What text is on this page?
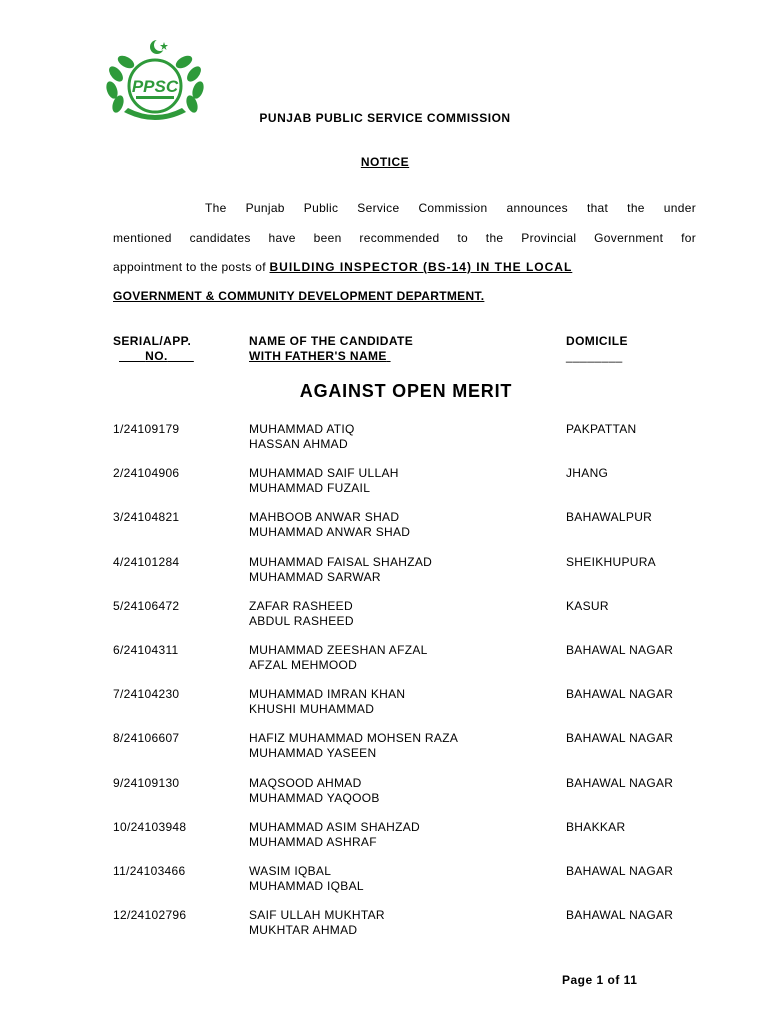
PPSC
PUNJAB PUBLIC SERVICE COMMISSION
NOTICE
The Punjab Public Service Commission announces that the under
mentioned candidates have been recommended to the Provincial Government for
appointment to the posts of BUILDING INSPECTOR (BS-14) IN THE LOCAL
GOVERNMENT & COMMUNITY DEVELOPMENT DEPARTMENT.
SERIAL/APP.
NO.
NAME OF THE CANDIDATE
WITH FATHER'S NAME
DOMICILE
________
AGAINST OPEN MERIT
1/24109179	MUHAMMAD ATIQ
HASSAN AHMAD
PAKPATTAN
2/24104906	MUHAMMAD SAIF ULLAH
MUHAMMAD FUZAIL
JHANG
3/24104821	MAHBOOB ANWAR SHAD
MUHAMMAD ANWAR SHAD
BAHAWALPUR
4/24101284	MUHAMMAD FAISAL SHAHZAD
MUHAMMAD SARWAR
SHEIKHUPURA
5/24106472	ZAFAR RASHEED
ABDUL RASHEED
KASUR
6/24104311	MUHAMMAD ZEESHAN AFZAL
AFZAL MEHMOOD
BAHAWAL NAGAR
7/24104230	MUHAMMAD IMRAN KHAN
KHUSHI MUHAMMAD
BAHAWAL NAGAR
8/24106607	HAFIZ MUHAMMAD MOHSEN RAZA
MUHAMMAD YASEEN
BAHAWAL NAGAR
9/24109130	MAQSOOD AHMAD
MUHAMMAD YAQOOB
BAHAWAL NAGAR
10/24103948	MUHAMMAD ASIM SHAHZAD
MUHAMMAD ASHRAF
BHAKKAR
11/24103466	WASIM IQBAL
MUHAMMAD IQBAL
BAHAWAL NAGAR
12/24102796	SAIF ULLAH MUKHTAR
MUKHTAR AHMAD
BAHAWAL NAGAR
Page 1 of 11
